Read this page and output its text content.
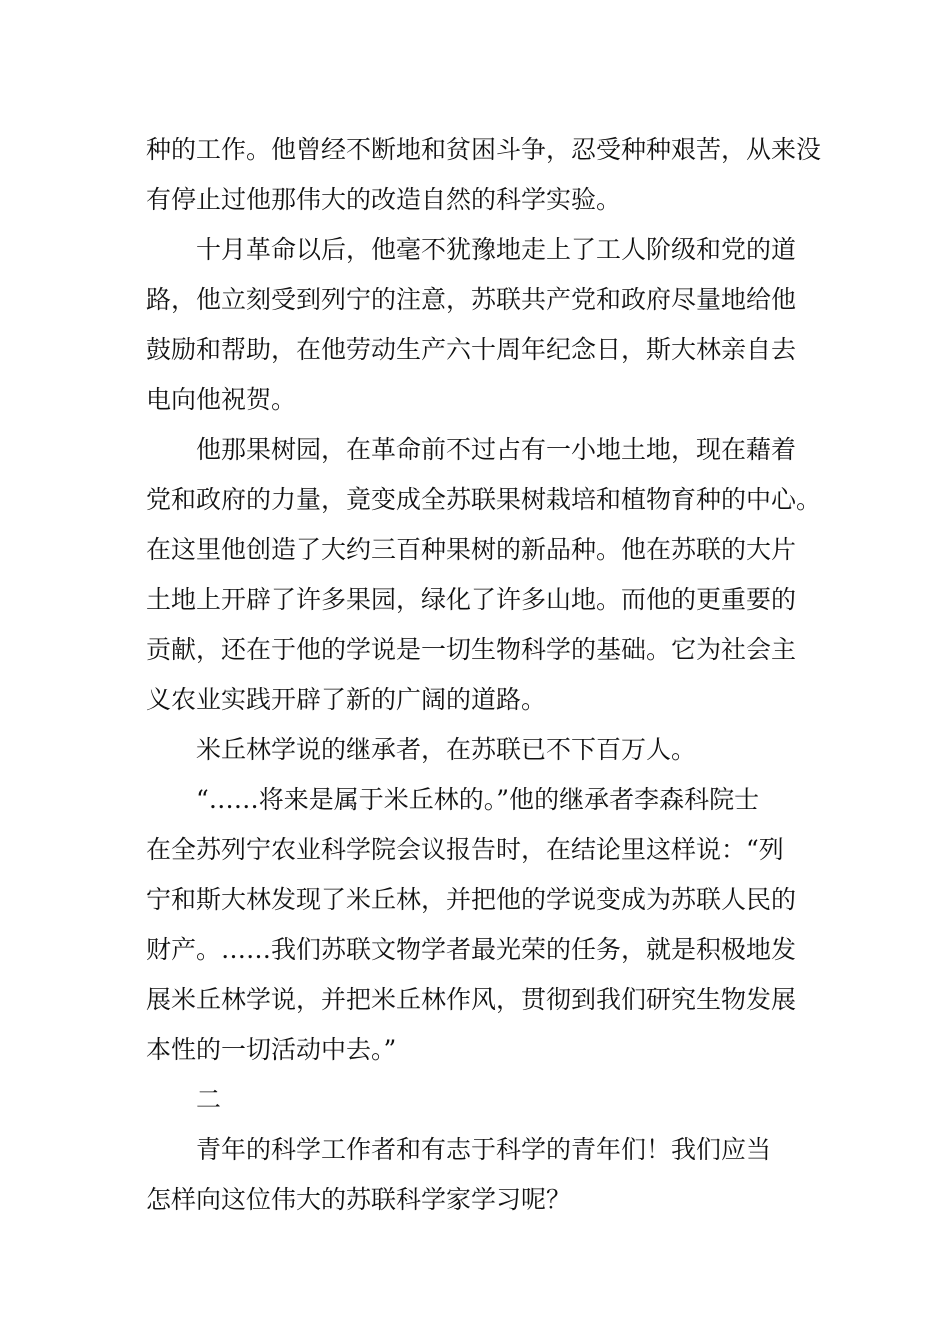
种的工作。他曾经不断地和贫困斗争，忍受种种艰苦，从来没
有停止过他那伟大的改造自然的科学实验。
十月革命以后，他毫不犹豫地走上了工人阶级和党的道
路，他立刻受到列宁的注意，苏联共产党和政府尽量地给他
鼓励和帮助，在他劳动生产六十周年纪念日，斯大林亲自去
电向他祝贺。
他那果树园，在革命前不过占有一小地土地，现在藉着
党和政府的力量，竟变成全苏联果树栽培和植物育种的中心。
在这里他创造了大约三百种果树的新品种。他在苏联的大片
土地上开辟了许多果园，绿化了许多山地。而他的更重要的
贡献，还在于他的学说是一切生物科学的基础。它为社会主
义农业实践开辟了新的广阔的道路。
米丘林学说的继承者，在苏联已不下百万人。
“……将来是属于米丘林的。”他的继承者李森科院士
在全苏列宁农业科学院会议报告时，在结论里这样说：“列
宁和斯大林发现了米丘林，并把他的学说变成为苏联人民的
财产。……我们苏联文物学者最光荣的任务，就是积极地发
展米丘林学说，并把米丘林作风，贯彻到我们研究生物发展
本性的一切活动中去。”
二
青年的科学工作者和有志于科学的青年们！我们应当
怎样向这位伟大的苏联科学家学习呢？
